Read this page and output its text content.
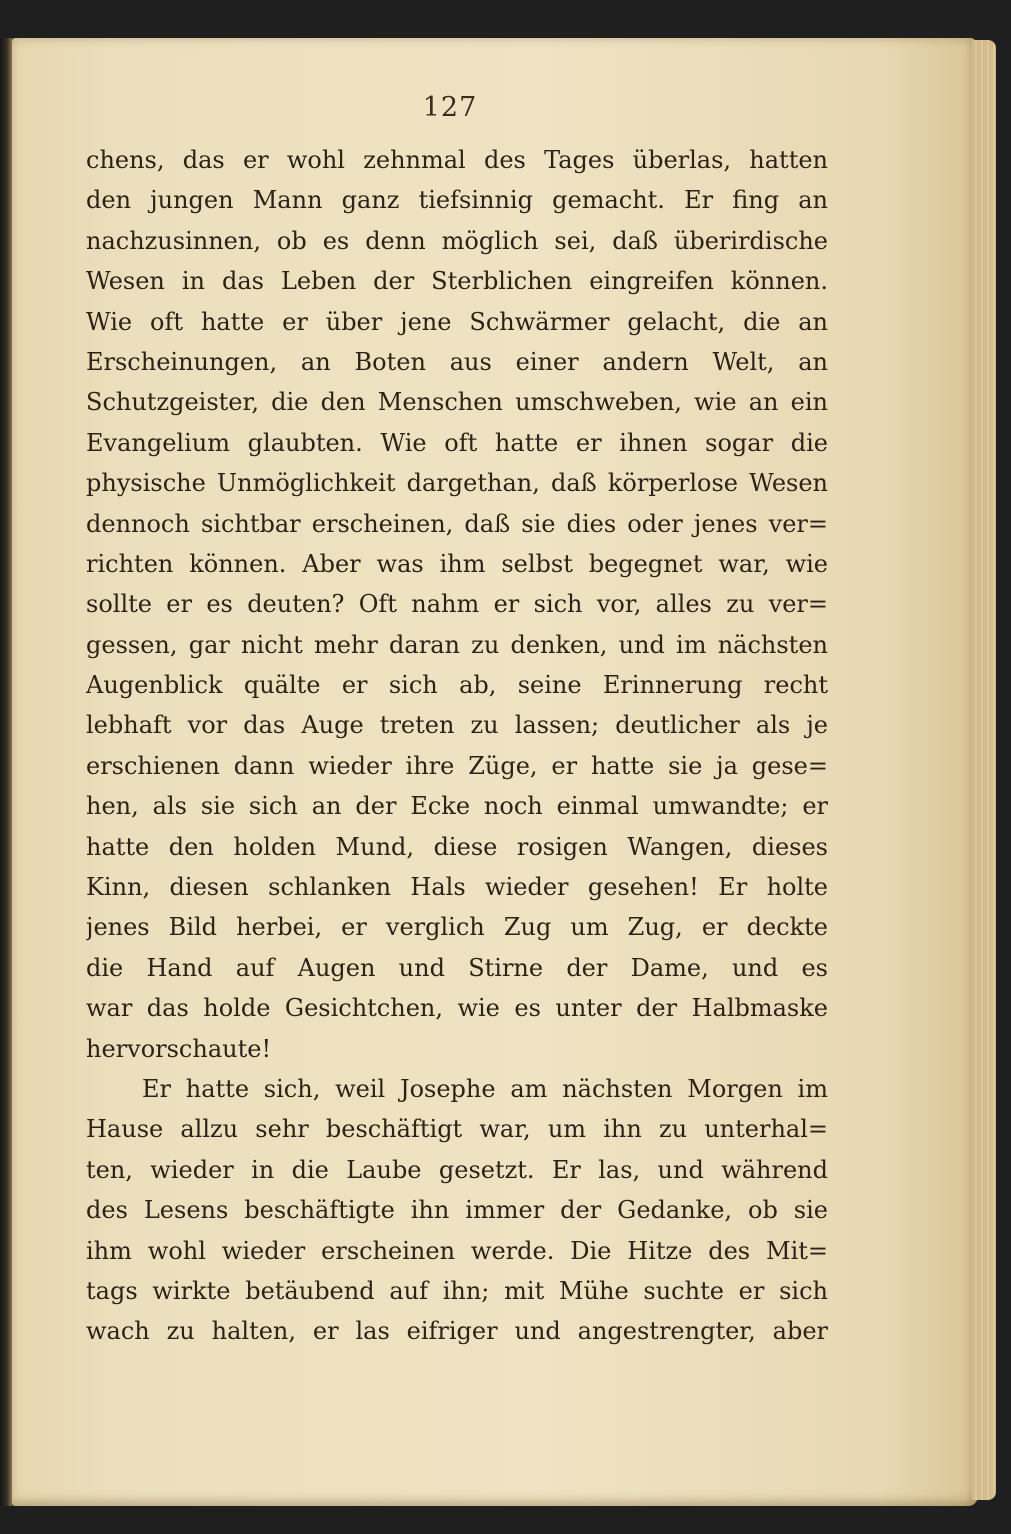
127
chens, das er wohl zehnmal des Tages überlas, hatten
den jungen Mann ganz tiefsinnig gemacht. Er fing an
nachzusinnen, ob es denn möglich sei, daß überirdische
Wesen in das Leben der Sterblichen eingreifen können.
Wie oft hatte er über jene Schwärmer gelacht, die an
Erscheinungen, an Boten aus einer andern Welt, an
Schutzgeister, die den Menschen umschweben, wie an ein
Evangelium glaubten. Wie oft hatte er ihnen sogar die
physische Unmöglichkeit dargethan, daß körperlose Wesen
dennoch sichtbar erscheinen, daß sie dies oder jenes ver=
richten können. Aber was ihm selbst begegnet war, wie
sollte er es deuten? Oft nahm er sich vor, alles zu ver=
gessen, gar nicht mehr daran zu denken, und im nächsten
Augenblick quälte er sich ab, seine Erinnerung recht
lebhaft vor das Auge treten zu lassen; deutlicher als je
erschienen dann wieder ihre Züge, er hatte sie ja gese=
hen, als sie sich an der Ecke noch einmal umwandte; er
hatte den holden Mund, diese rosigen Wangen, dieses
Kinn, diesen schlanken Hals wieder gesehen! Er holte
jenes Bild herbei, er verglich Zug um Zug, er deckte
die Hand auf Augen und Stirne der Dame, und es
war das holde Gesichtchen, wie es unter der Halbmaske
hervorschaute!
Er hatte sich, weil Josephe am nächsten Morgen im
Hause allzu sehr beschäftigt war, um ihn zu unterhal=
ten, wieder in die Laube gesetzt. Er las, und während
des Lesens beschäftigte ihn immer der Gedanke, ob sie
ihm wohl wieder erscheinen werde. Die Hitze des Mit=
tags wirkte betäubend auf ihn; mit Mühe suchte er sich
wach zu halten, er las eifriger und angestrengter, aber
